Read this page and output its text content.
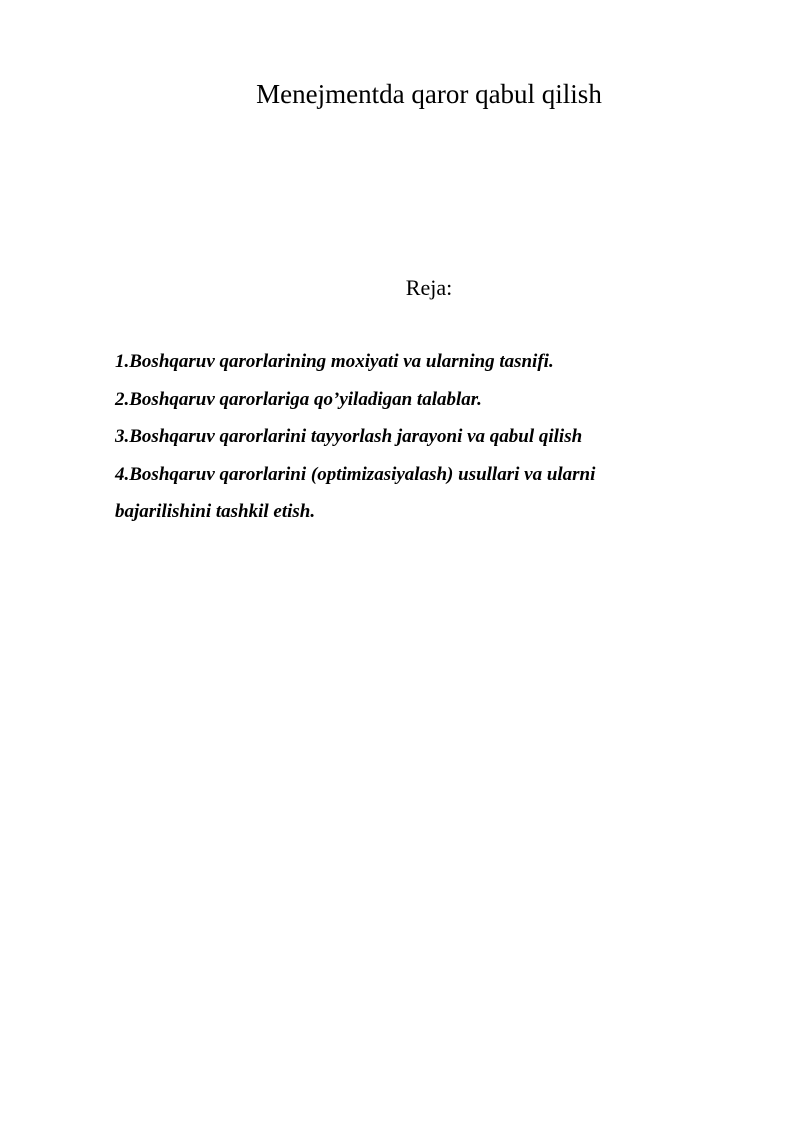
Menejmentda qaror qabul qilish

Reja:

1.Boshqaruv qarorlarining moxiyati va ularning tasnifi.
2.Boshqaruv qarorlariga qo’yiladigan talablar.
3.Boshqaruv qarorlarini tayyorlash jarayoni va qabul qilish
4.Boshqaruv qarorlarini (optimizasiyalash) usullari va ularni bajarilishini tashkil etish.
